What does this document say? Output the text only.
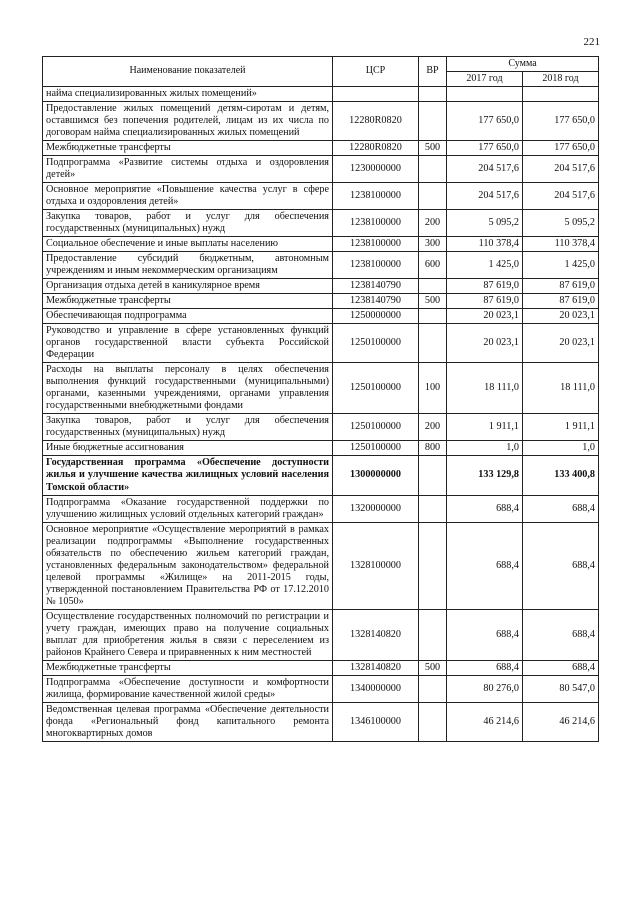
221
Наименование показателей	ЦСР	ВР	Сумма	
			2017 год	2018 год
найма специализированных жилых помещений»				
Предоставление жилых помещений детям-сиротам и детям, оставшимся без попечения родителей, лицам из их числа по договорам найма специализированных жилых помещений	12280R0820		177 650,0	177 650,0
Межбюджетные трансферты	12280R0820	500	177 650,0	177 650,0
Подпрограмма «Развитие системы отдыха и оздоровления детей»	1230000000		204 517,6	204 517,6
Основное мероприятие «Повышение качества услуг в сфере отдыха и оздоровления детей»	1238100000		204 517,6	204 517,6
Закупка товаров, работ и услуг для обеспечения государственных (муниципальных) нужд	1238100000	200	5 095,2	5 095,2
Социальное обеспечение и иные выплаты населению	1238100000	300	110 378,4	110 378,4
Предоставление субсидий бюджетным, автономным учреждениям и иным некоммерческим организациям	1238100000	600	1 425,0	1 425,0
Организация отдыха детей в каникулярное время	1238140790		87 619,0	87 619,0
Межбюджетные трансферты	1238140790	500	87 619,0	87 619,0
Обеспечивающая подпрограмма	1250000000		20 023,1	20 023,1
Руководство и управление в сфере установленных функций органов государственной власти субъекта Российской Федерации	1250100000		20 023,1	20 023,1
Расходы на выплаты персоналу в целях обеспечения выполнения функций государственными (муниципальными) органами, казенными учреждениями, органами управления государственными внебюджетными фондами	1250100000	100	18 111,0	18 111,0
Закупка товаров, работ и услуг для обеспечения государственных (муниципальных) нужд	1250100000	200	1 911,1	1 911,1
Иные бюджетные ассигнования	1250100000	800	1,0	1,0
Государственная программа «Обеспечение доступности жилья и улучшение качества жилищных условий населения Томской области»	1300000000		133 129,8	133 400,8
Подпрограмма «Оказание государственной поддержки по улучшению жилищных условий отдельных категорий граждан»	1320000000		688,4	688,4
Основное мероприятие «Осуществление мероприятий в рамках реализации подпрограммы «Выполнение государственных обязательств по обеспечению жильем категорий граждан, установленных федеральным законодательством» федеральной целевой программы «Жилище» на 2011-2015 годы, утвержденной постановлением Правительства РФ от 17.12.2010 № 1050»	1328100000		688,4	688,4
Осуществление государственных полномочий по регистрации и учету граждан, имеющих право на получение социальных выплат для приобретения жилья в связи с переселением из районов Крайнего Севера и приравненных к ним местностей	1328140820		688,4	688,4
Межбюджетные трансферты	1328140820	500	688,4	688,4
Подпрограмма «Обеспечение доступности и комфортности жилища, формирование качественной жилой среды»	1340000000		80 276,0	80 547,0
Ведомственная целевая программа «Обеспечение деятельности фонда «Региональный фонд капитального ремонта многоквартирных домов	1346100000		46 214,6	46 214,6
